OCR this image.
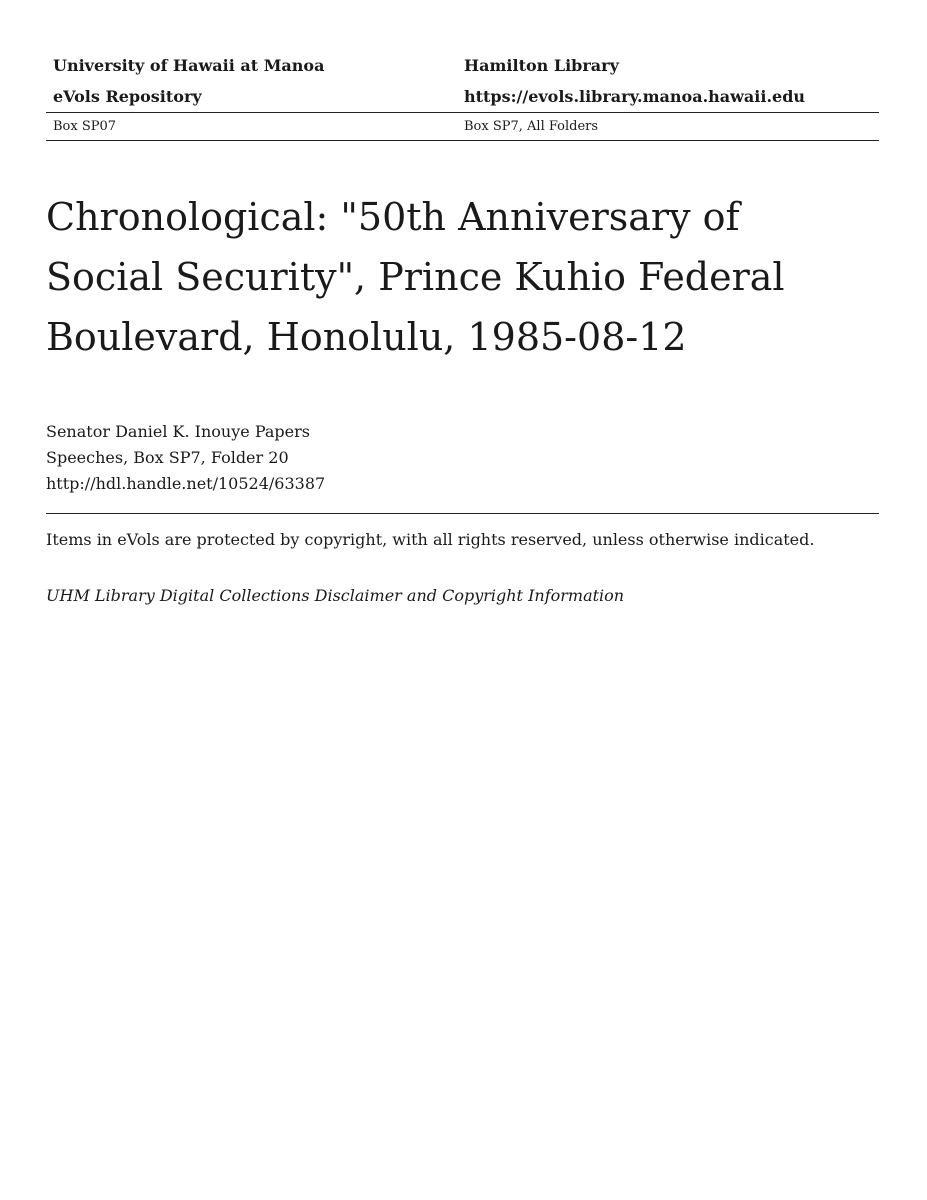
University of Hawaii at Manoa	Hamilton Library
eVols Repository	https://evols.library.manoa.hawaii.edu
Box SP07	Box SP7, All Folders
Chronological: "50th Anniversary of Social Security", Prince Kuhio Federal Boulevard, Honolulu, 1985-08-12
Senator Daniel K. Inouye Papers
Speeches, Box SP7, Folder 20
http://hdl.handle.net/10524/63387
Items in eVols are protected by copyright, with all rights reserved, unless otherwise indicated.
UHM Library Digital Collections Disclaimer and Copyright Information
